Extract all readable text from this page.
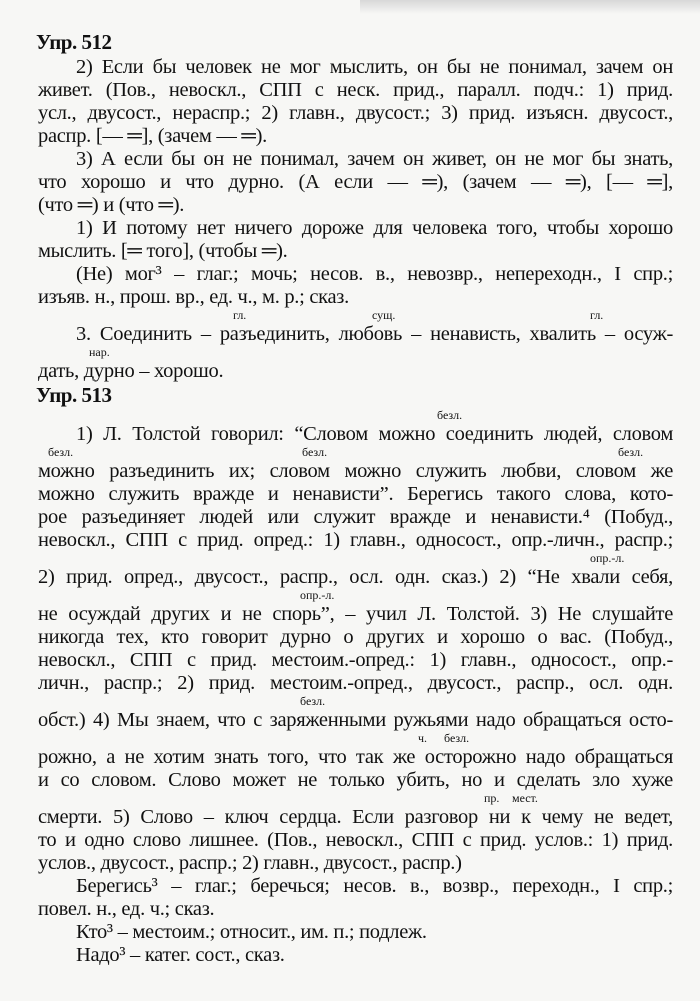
Упр. 512
2) Если бы человек не мог мыслить, он бы не понимал, зачем он
живет. (Пов., невоскл., СПП с неск. прид., паралл. подч.: 1) прид.
усл., двусост., нераспр.; 2) главн., двусост.; 3) прид. изъясн. двусост.,
распр. [— ═], (зачем — ═).
3) А если бы он не понимал, зачем он живет, он не мог бы знать,
что хорошо и что дурно. (А если — ═), (зачем — ═), [— ═],
(что ═) и (что ═).
1) И потому нет ничего дороже для человека того, чтобы хорошо
мыслить. [═ того], (чтобы ═).
(Не) мог³ – глаг.; мочь; несов. в., невозвр., непереходн., I спр.;
изъяв. н., прош. вр., ед. ч., м. р.; сказ.
гл.	сущ.	гл.
3. Соединить – разъединить, любовь – ненависть, хвалить – осуж-
нар.
дать, дурно – хорошо.
Упр. 513
безл.
1) Л. Толстой говорил: “Словом можно соединить людей, словом
безл.	безл.	безл.
можно разъединить их; словом можно служить любви, словом же
можно служить вражде и ненависти”. Берегись такого слова, кото-
рое разъединяет людей или служит вражде и ненависти.⁴ (Побуд.,
невоскл., СПП с прид. опред.: 1) главн., односост., опр.-личн., распр.;
опр.-л.
2) прид. опред., двусост., распр., осл. одн. сказ.) 2) “Не хвали себя,
опр.-л.
не осуждай других и не спорь”, – учил Л. Толстой. 3) Не слушайте
никогда тех, кто говорит дурно о других и хорошо о вас. (Побуд.,
невоскл., СПП с прид. местоим.-опред.: 1) главн., односост., опр.-
личн., распр.; 2) прид. местоим.-опред., двусост., распр., осл. одн.
безл.
обст.) 4) Мы знаем, что с заряженными ружьями надо обращаться осто-
ч. безл.
рожно, а не хотим знать того, что так же осторожно надо обращаться
и со словом. Слово может не только убить, но и сделать зло хуже
пр. мест.
смерти. 5) Слово – ключ сердца. Если разговор ни к чему не ведет,
то и одно слово лишнее. (Пов., невоскл., СПП с прид. услов.: 1) прид.
услов., двусост., распр.; 2) главн., двусост., распр.)
Берегись³ – глаг.; беречься; несов. в., возвр., переходн., I спр.;
повел. н., ед. ч.; сказ.
Кто³ – местоим.; относит., им. п.; подлеж.
Надо³ – катег. сост., сказ.
